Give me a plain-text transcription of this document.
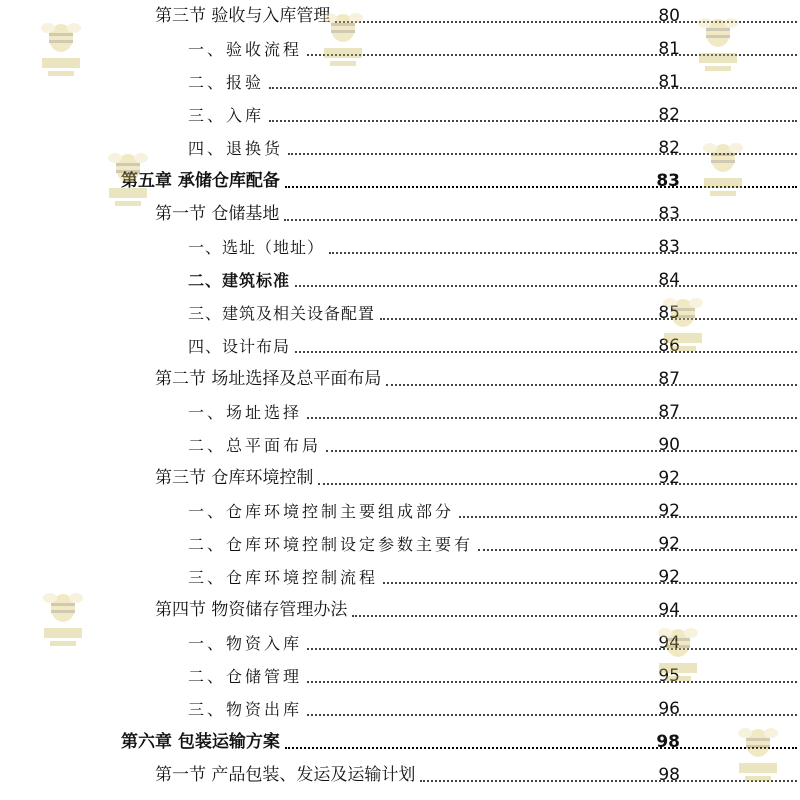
第三节 验收与入库管理	80
一、验收流程	81
二、报验	81
三、入库	82
四、退换货	82
第五章 承储仓库配备	83
第一节 仓储基地	83
一、选址（地址）	83
二、建筑标准	84
三、建筑及相关设备配置	85
四、设计布局	86
第二节 场址选择及总平面布局	87
一、场址选择	87
二、总平面布局	90
第三节 仓库环境控制	92
一、仓库环境控制主要组成部分	92
二、仓库环境控制设定参数主要有	92
三、仓库环境控制流程	92
第四节 物资储存管理办法	94
一、物资入库	94
二、仓储管理	95
三、物资出库	96
第六章 包装运输方案	98
第一节 产品包装、发运及运输计划	98
